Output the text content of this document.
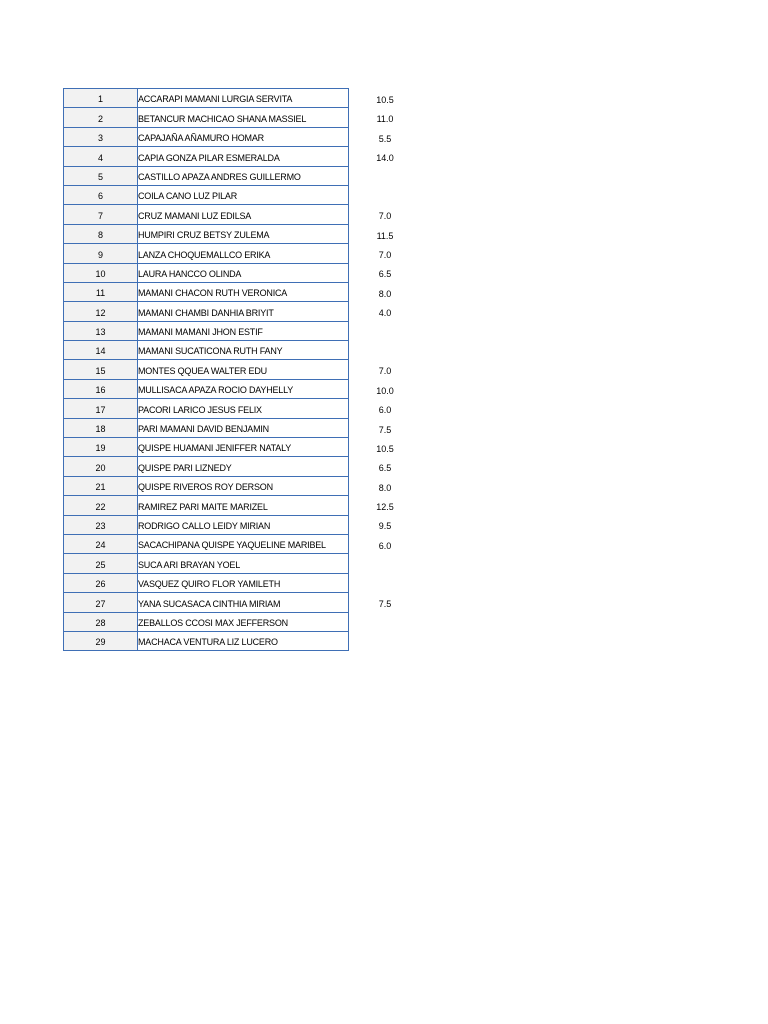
1	ACCARAPI MAMANI LURGIA SERVITA	10.5
2	BETANCUR MACHICAO SHANA MASSIEL	11.0
3	CAPAJAÑA AÑAMURO HOMAR	5.5
4	CAPIA GONZA PILAR ESMERALDA	14.0
5	CASTILLO APAZA ANDRES GUILLERMO	
6	COILA CANO LUZ PILAR	
7	CRUZ MAMANI LUZ EDILSA	7.0
8	HUMPIRI CRUZ BETSY ZULEMA	11.5
9	LANZA CHOQUEMALLCO ERIKA	7.0
10	LAURA HANCCO OLINDA	6.5
11	MAMANI CHACON RUTH VERONICA	8.0
12	MAMANI CHAMBI DANHIA BRIYIT	4.0
13	MAMANI MAMANI JHON ESTIF	
14	MAMANI SUCATICONA RUTH FANY	
15	MONTES QQUEA WALTER EDU	7.0
16	MULLISACA APAZA ROCIO DAYHELLY	10.0
17	PACORI LARICO JESUS FELIX	6.0
18	PARI MAMANI DAVID BENJAMIN	7.5
19	QUISPE HUAMANI JENIFFER NATALY	10.5
20	QUISPE PARI LIZNEDY	6.5
21	QUISPE RIVEROS ROY DERSON	8.0
22	RAMIREZ PARI MAITE MARIZEL	12.5
23	RODRIGO CALLO LEIDY MIRIAN	9.5
24	SACACHIPANA QUISPE YAQUELINE MARIBEL	6.0
25	SUCA ARI BRAYAN YOEL	
26	VASQUEZ QUIRO FLOR YAMILETH	
27	YANA SUCASACA CINTHIA MIRIAM	7.5
28	ZEBALLOS CCOSI MAX JEFFERSON	
29	MACHACA VENTURA LIZ LUCERO	
